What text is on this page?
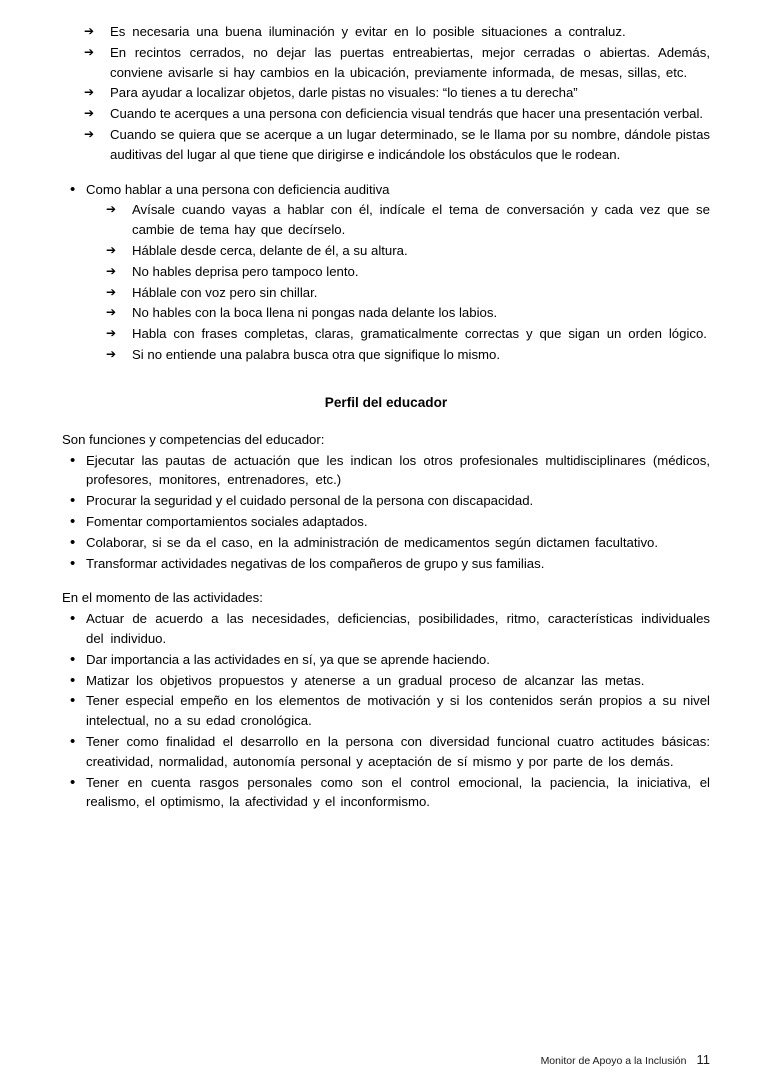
➔ Es necesaria una buena iluminación y evitar en lo posible situaciones a contraluz.
➔ En recintos cerrados, no dejar las puertas entreabiertas, mejor cerradas o abiertas. Además, conviene avisarle si hay cambios en la ubicación, previamente informada, de mesas, sillas, etc.
➔ Para ayudar a localizar objetos, darle pistas no visuales: “lo tienes a tu derecha”
➔ Cuando te acerques a una persona con deficiencia visual tendrás que hacer una presentación verbal.
➔ Cuando se quiera que se acerque a un lugar determinado, se le llama por su nombre, dándole pistas auditivas del lugar al que tiene que dirigirse e indicándole los obstáculos que le rodean.
• Como hablar a una persona con deficiencia auditiva
➔ Avísale cuando vayas a hablar con él, indícale el tema de conversación y cada vez que se cambie de tema hay que decírselo.
➔ Háblale desde cerca, delante de él, a su altura.
➔ No hables deprisa pero tampoco lento.
➔ Háblale con voz pero sin chillar.
➔ No hables con la boca llena ni pongas nada delante los labios.
➔ Habla con frases completas, claras, gramaticalmente correctas y que sigan un orden lógico.
➔ Si no entiende una palabra busca otra que signifique lo mismo.
Perfil del educador
Son funciones y competencias del educador:
• Ejecutar las pautas de actuación que les indican los otros profesionales multidisciplinares (médicos, profesores, monitores, entrenadores, etc.)
• Procurar la seguridad y el cuidado personal de la persona con discapacidad.
• Fomentar comportamientos sociales adaptados.
• Colaborar, si se da el caso, en la administración de medicamentos según dictamen facultativo.
• Transformar actividades negativas de los compañeros de grupo y sus familias.
En el momento de las actividades:
• Actuar de acuerdo a las necesidades, deficiencias, posibilidades, ritmo, características individuales del individuo.
• Dar importancia a las actividades en sí, ya que se aprende haciendo.
• Matizar los objetivos propuestos y atenerse a un gradual proceso de alcanzar las metas.
• Tener especial empeño en los elementos de motivación y si los contenidos serán propios a su nivel intelectual, no a su edad cronológica.
• Tener como finalidad el desarrollo en la persona con diversidad funcional cuatro actitudes básicas: creatividad, normalidad, autonomía personal y aceptación de sí mismo y por parte de los demás.
• Tener en cuenta rasgos personales como son el control emocional, la paciencia, la iniciativa, el realismo, el optimismo, la afectividad y el inconformismo.
Monitor de Apoyo a la Inclusión 11
